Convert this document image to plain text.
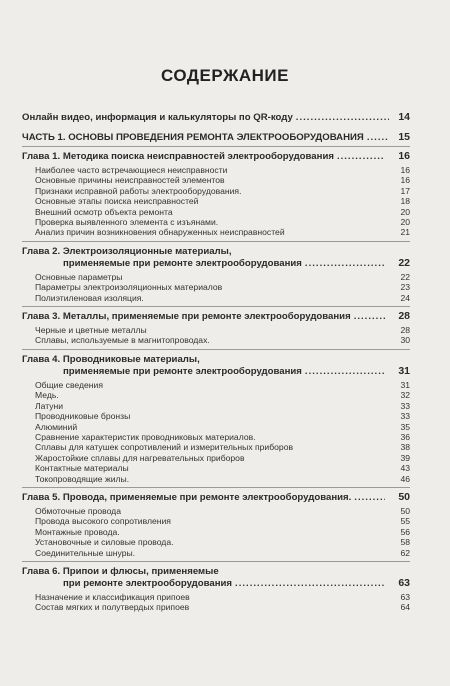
СОДЕРЖАНИЕ
Онлайн видео, информация и калькуляторы по QR-коду .....	14
ЧАСТЬ 1. ОСНОВЫ ПРОВЕДЕНИЯ РЕМОНТА ЭЛЕКТРООБОРУДОВАНИЯ .....	15
Глава 1. Методика поиска неисправностей электрооборудования .....	16
Наиболее часто встречающиеся неисправности	16
Основные причины неисправностей элементов	16
Признаки исправной работы электрооборудования.	17
Основные этапы поиска неисправностей	18
Внешний осмотр объекта ремонта	20
Проверка выявленного элемента с изъянами.	20
Анализ причин возникновения обнаруженных неисправностей	21
Глава 2. Электроизоляционные материалы,
применяемые при ремонте электрооборудования .....	22
Основные параметры	22
Параметры электроизоляционных материалов	23
Полиэтиленовая изоляция.	24
Глава 3. Металлы, применяемые при ремонте электрооборудования .....	28
Черные и цветные металлы	28
Сплавы, используемые в магнитопроводах.	30
Глава 4. Проводниковые материалы,
применяемые при ремонте электрооборудования .....	31
Общие сведения	31
Медь.	32
Латуни	33
Проводниковые бронзы	33
Алюминий	35
Сравнение характеристик проводниковых материалов.	36
Сплавы для катушек сопротивлений и измерительных приборов	38
Жаростойкие сплавы для нагревательных приборов	39
Контактные материалы	43
Токопроводящие жилы.	46
Глава 5. Провода, применяемые при ремонте электрооборудования. .....	50
Обмоточные провода	50
Провода высокого сопротивления	55
Монтажные провода.	56
Установочные и силовые провода.	58
Соединительные шнуры.	62
Глава 6. Припои и флюсы, применяемые
при ремонте электрооборудования .....	63
Назначение и классификация припоев	63
Состав мягких и полутвердых припоев	64
